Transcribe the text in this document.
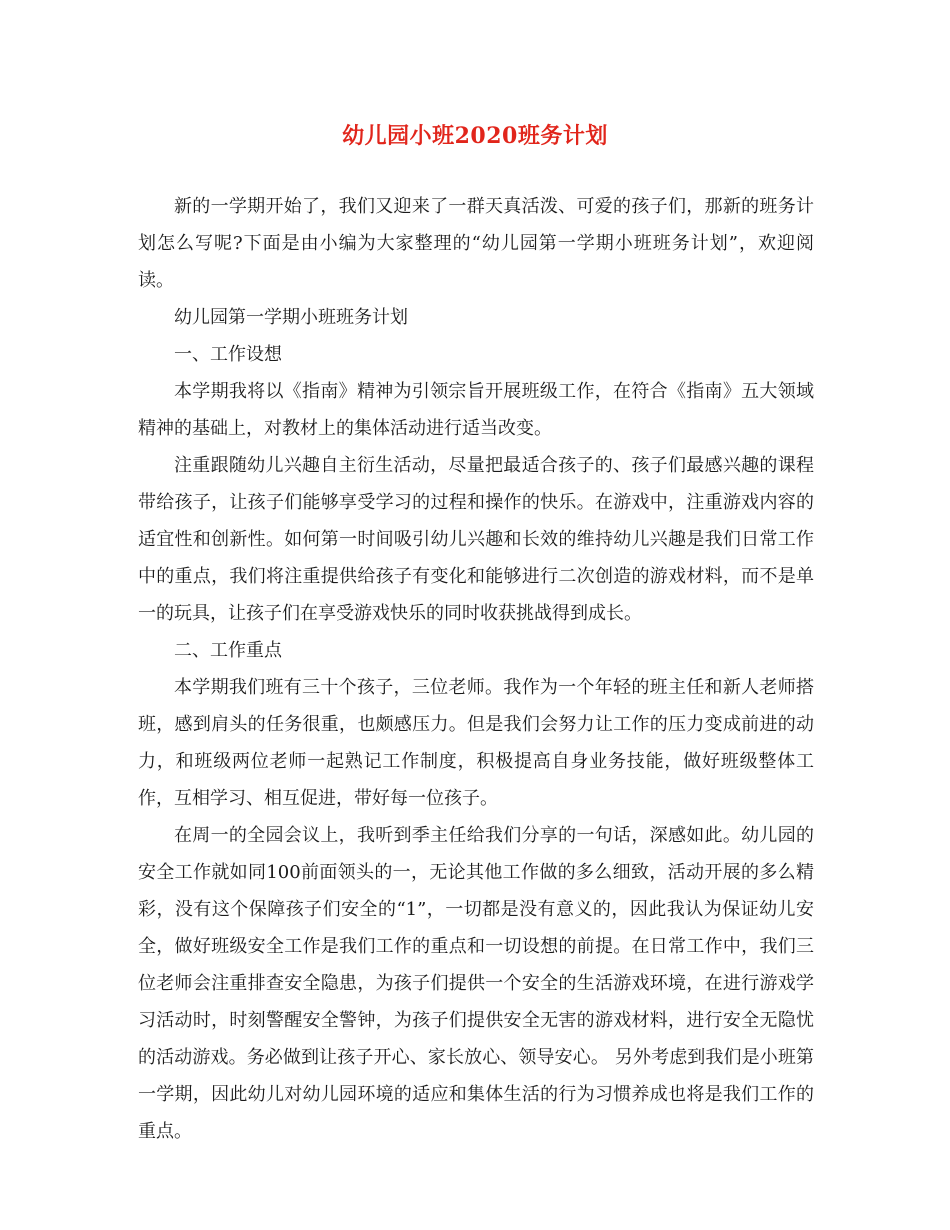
幼儿园小班2020班务计划

新的一学期开始了，我们又迎来了一群天真活泼、可爱的孩子们，那新的班务计划怎么写呢?下面是由小编为大家整理的“幼儿园第一学期小班班务计划”，欢迎阅读。

幼儿园第一学期小班班务计划

一、工作设想

本学期我将以《指南》精神为引领宗旨开展班级工作，在符合《指南》五大领域精神的基础上，对教材上的集体活动进行适当改变。

注重跟随幼儿兴趣自主衍生活动，尽量把最适合孩子的、孩子们最感兴趣的课程带给孩子，让孩子们能够享受学习的过程和操作的快乐。在游戏中，注重游戏内容的适宜性和创新性。如何第一时间吸引幼儿兴趣和长效的维持幼儿兴趣是我们日常工作中的重点，我们将注重提供给孩子有变化和能够进行二次创造的游戏材料，而不是单一的玩具，让孩子们在享受游戏快乐的同时收获挑战得到成长。

二、工作重点

本学期我们班有三十个孩子，三位老师。我作为一个年轻的班主任和新人老师搭班，感到肩头的任务很重，也颇感压力。但是我们会努力让工作的压力变成前进的动力，和班级两位老师一起熟记工作制度，积极提高自身业务技能，做好班级整体工作，互相学习、相互促进，带好每一位孩子。

在周一的全园会议上，我听到季主任给我们分享的一句话，深感如此。幼儿园的安全工作就如同100前面领头的一，无论其他工作做的多么细致，活动开展的多么精彩，没有这个保障孩子们安全的“1”，一切都是没有意义的，因此我认为保证幼儿安全，做好班级安全工作是我们工作的重点和一切设想的前提。在日常工作中，我们三位老师会注重排查安全隐患，为孩子们提供一个安全的生活游戏环境，在进行游戏学习活动时，时刻警醒安全警钟，为孩子们提供安全无害的游戏材料，进行安全无隐忧的活动游戏。务必做到让孩子开心、家长放心、领导安心。 另外考虑到我们是小班第一学期，因此幼儿对幼儿园环境的适应和集体生活的行为习惯养成也将是我们工作的重点。
